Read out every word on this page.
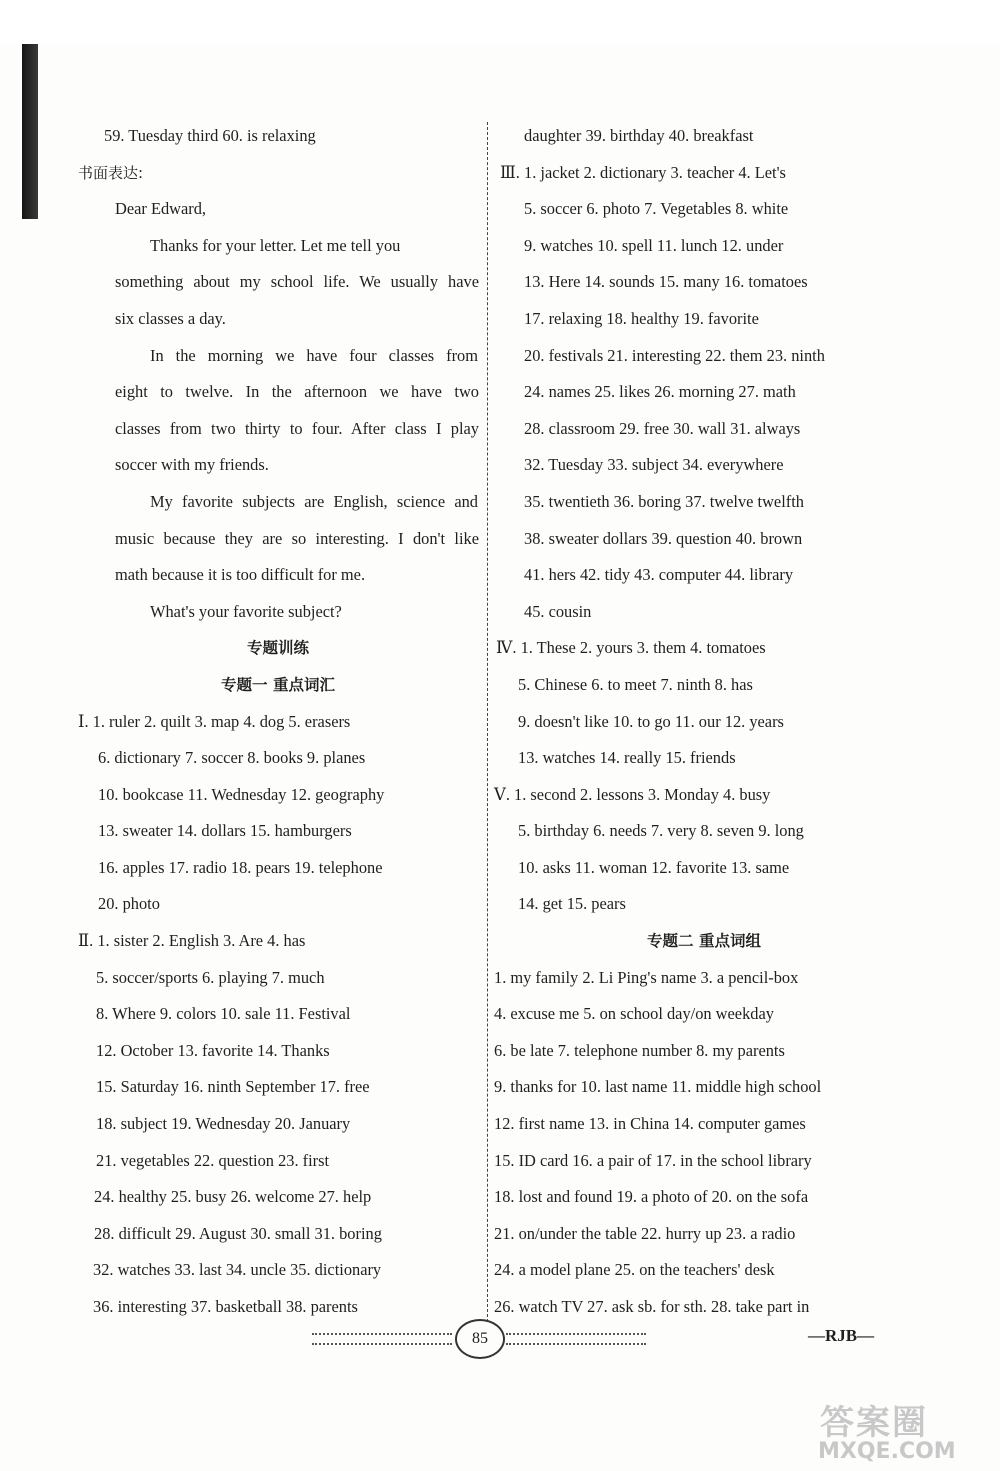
59. Tuesday third 60. is relaxing
书面表达:
Dear Edward,
Thanks for your letter. Let me tell you
something about my school life. We usually have
six classes a day.
In the morning we have four classes from
eight to twelve. In the afternoon we have two
classes from two thirty to four. After class I play
soccer with my friends.
My favorite subjects are English, science and
music because they are so interesting. I don't like
math because it is too difficult for me.
What's your favorite subject?
专题训练
专题一 重点词汇
Ⅰ. 1. ruler 2. quilt 3. map 4. dog 5. erasers
6. dictionary 7. soccer 8. books 9. planes
10. bookcase 11. Wednesday 12. geography
13. sweater 14. dollars 15. hamburgers
16. apples 17. radio 18. pears 19. telephone
20. photo
Ⅱ. 1. sister 2. English 3. Are 4. has
5. soccer/sports 6. playing 7. much
8. Where 9. colors 10. sale 11. Festival
12. October 13. favorite 14. Thanks
15. Saturday 16. ninth September 17. free
18. subject 19. Wednesday 20. January
21. vegetables 22. question 23. first
24. healthy 25. busy 26. welcome 27. help
28. difficult 29. August 30. small 31. boring
32. watches 33. last 34. uncle 35. dictionary
36. interesting 37. basketball 38. parents
daughter 39. birthday 40. breakfast
Ⅲ. 1. jacket 2. dictionary 3. teacher 4. Let's
5. soccer 6. photo 7. Vegetables 8. white
9. watches 10. spell 11. lunch 12. under
13. Here 14. sounds 15. many 16. tomatoes
17. relaxing 18. healthy 19. favorite
20. festivals 21. interesting 22. them 23. ninth
24. names 25. likes 26. morning 27. math
28. classroom 29. free 30. wall 31. always
32. Tuesday 33. subject 34. everywhere
35. twentieth 36. boring 37. twelve twelfth
38. sweater dollars 39. question 40. brown
41. hers 42. tidy 43. computer 44. library
45. cousin
Ⅳ. 1. These 2. yours 3. them 4. tomatoes
5. Chinese 6. to meet 7. ninth 8. has
9. doesn't like 10. to go 11. our 12. years
13. watches 14. really 15. friends
Ⅴ. 1. second 2. lessons 3. Monday 4. busy
5. birthday 6. needs 7. very 8. seven 9. long
10. asks 11. woman 12. favorite 13. same
14. get 15. pears
专题二 重点词组
1. my family 2. Li Ping's name 3. a pencil-box
4. excuse me 5. on school day/on weekday
6. be late 7. telephone number 8. my parents
9. thanks for 10. last name 11. middle high school
12. first name 13. in China 14. computer games
15. ID card 16. a pair of 17. in the school library
18. lost and found 19. a photo of 20. on the sofa
21. on/under the table 22. hurry up 23. a radio
24. a model plane 25. on the teachers' desk
26. watch TV 27. ask sb. for sth. 28. take part in
85	—RJB—
答案圈
MXQE.COM
